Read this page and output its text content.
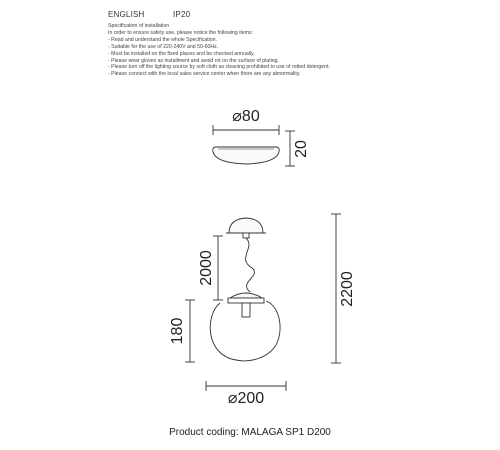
ENGLISH	IP20
Specification of installation
In order to ensure safety use, please notice the following items:
- Read and understand the whole Specification.
- Suitable for the use of 220-240V and 50-60Hz.
- Must be installed on the fixed places and be checked annually.
- Please wear gloves as installment and avoid rot on the surface of plating.
- Please turn off the lighting source by soft cloth as cleaning prohibited to use of rotted detergent.
- Please connect with the local sales service center when there are any abnormality.
⌀80
20
2000
180
2200
⌀200
Product coding: MALAGA SP1 D200
